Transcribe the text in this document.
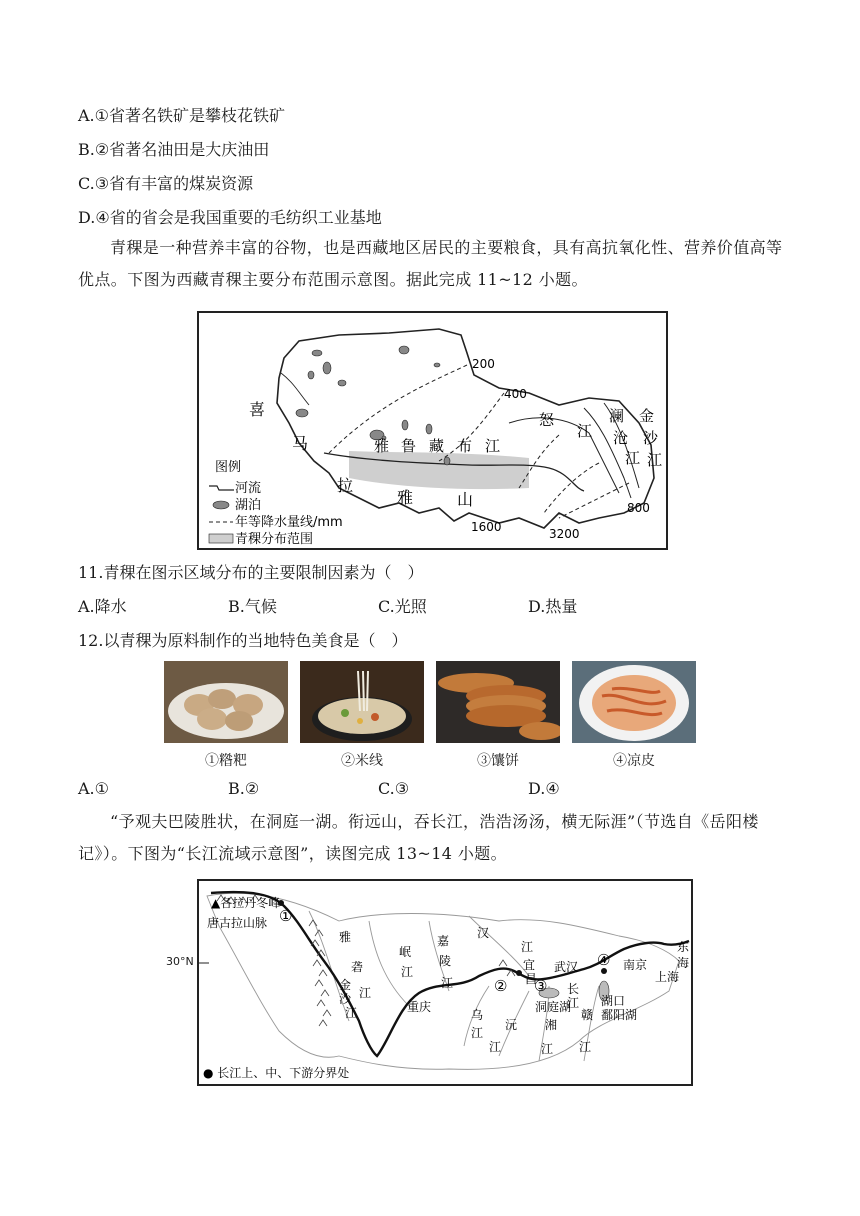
A.①省著名铁矿是攀枝花铁矿
B.②省著名油田是大庆油田
C.③省有丰富的煤炭资源
D.④省的省会是我国重要的毛纺织工业基地
青稞是一种营养丰富的谷物，也是西藏地区居民的主要粮食，具有高抗氧化性、营养价值高等优点。下图为西藏青稞主要分布范围示意图。据此完成 11~12 小题。
图例
河流
湖泊
年等降水量线/mm
青稞分布范围
喜
马
拉
雅	山
雅 鲁 藏 布 江
怒
江
澜
沧
江
金
沙
江
200
400
800
1600	3200
11.青稞在图示区域分布的主要限制因素为（　）
A.降水	B.气候	C.光照	D.热量
12.以青稞为原料制作的当地特色美食是（　）
①糌粑	②米线	③馕饼	④凉皮
A.①	B.②	C.③	D.④
“予观夫巴陵胜状，在洞庭一湖。衔远山，吞长江，浩浩汤汤，横无际涯”（节选自《岳阳楼记》）。下图为“长江流域示意图”，读图完成 13~14 小题。
▲各拉丹冬峰
唐古拉山脉 ①
② ③
④
雅
砻
江
金
沙
江
岷
江
嘉
陵
江
汉
江
重庆
宜
昌
武汉
长
江
洞庭湖
乌
江
沅
江
湘
江
赣
江
南京
上海
东
海
湖口
鄱阳湖
● 长江上、中、下游分界处
30°N
